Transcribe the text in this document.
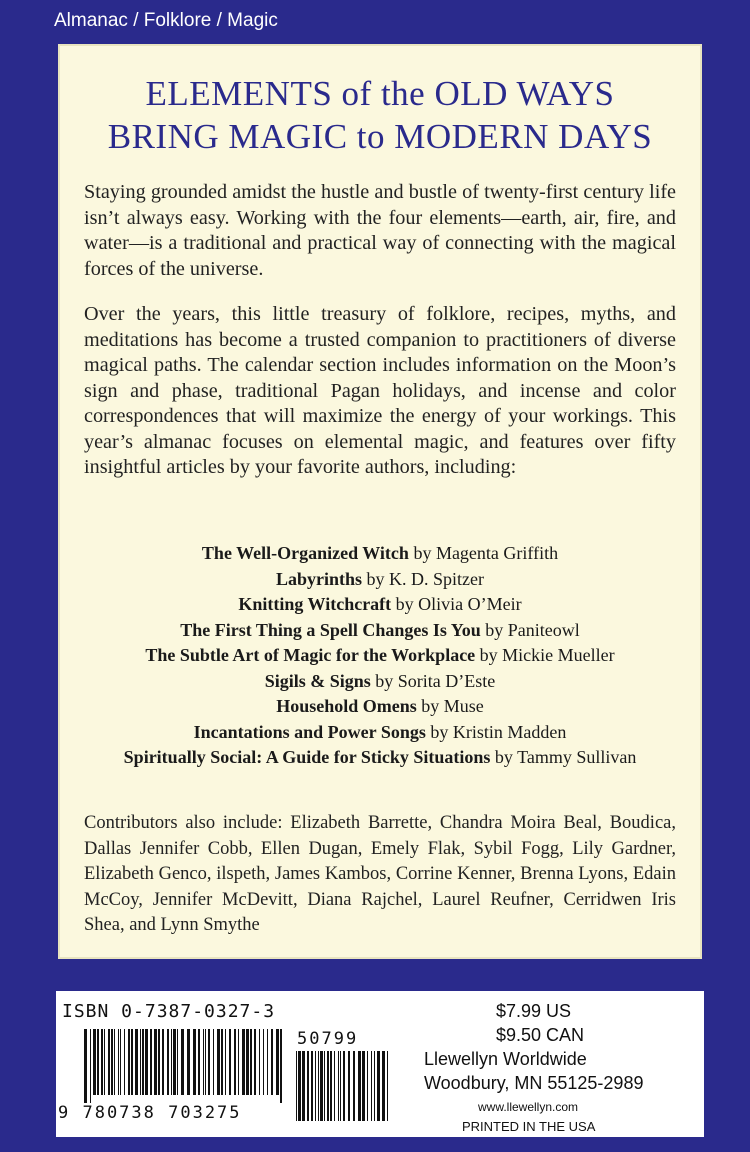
Almanac / Folklore / Magic
ELEMENTS of the OLD WAYS
BRING MAGIC to MODERN DAYS
Staying grounded amidst the hustle and bustle of twenty-first century life isn’t always easy. Working with the four elements—earth, air, fire, and water—is a traditional and practical way of connecting with the magical forces of the universe.
Over the years, this little treasury of folklore, recipes, myths, and meditations has become a trusted companion to practitioners of diverse magical paths. The calendar section includes information on the Moon’s sign and phase, traditional Pagan holidays, and incense and color correspondences that will maximize the energy of your workings. This year’s almanac focuses on elemental magic, and features over fifty insightful articles by your favorite authors, including:
The Well-Organized Witch by Magenta Griffith
Labyrinths by K. D. Spitzer
Knitting Witchcraft by Olivia O’Meir
The First Thing a Spell Changes Is You by Paniteowl
The Subtle Art of Magic for the Workplace by Mickie Mueller
Sigils & Signs by Sorita D’Este
Household Omens by Muse
Incantations and Power Songs by Kristin Madden
Spiritually Social: A Guide for Sticky Situations by Tammy Sullivan
Contributors also include: Elizabeth Barrette, Chandra Moira Beal, Boudica, Dallas Jennifer Cobb, Ellen Dugan, Emely Flak, Sybil Fogg, Lily Gardner, Elizabeth Genco, ilspeth, James Kambos, Corrine Kenner, Brenna Lyons, Edain McCoy, Jennifer McDevitt, Diana Rajchel, Laurel Reufner, Cerridwen Iris Shea, and Lynn Smythe
ISBN 0-7387-0327-3
9 780738 703275
50799
$7.99 US
$9.50 CAN
Llewellyn Worldwide
Woodbury, MN 55125-2989
www.llewellyn.com
PRINTED IN THE USA
